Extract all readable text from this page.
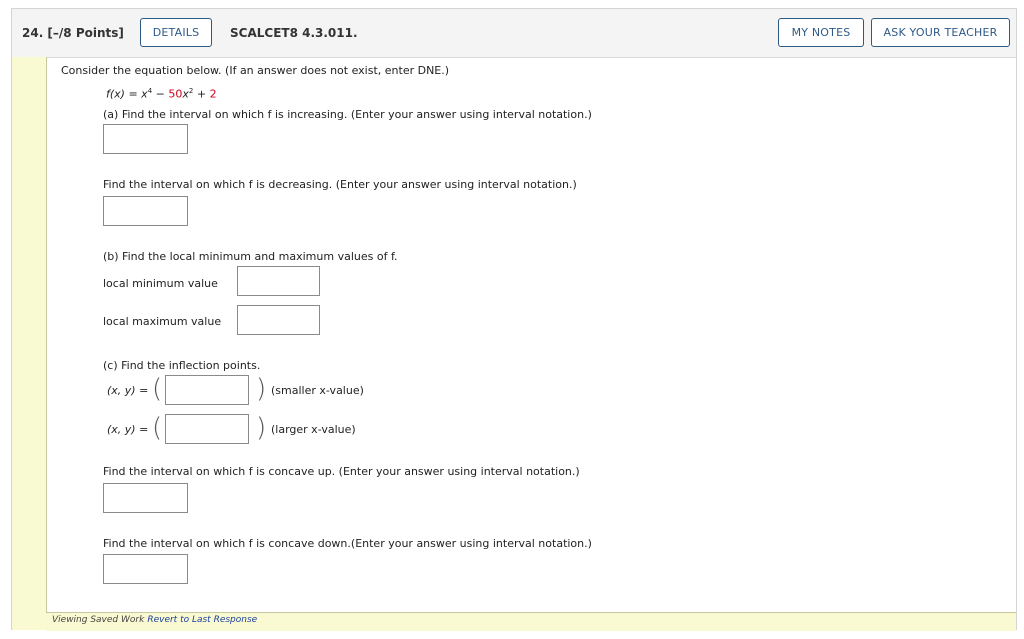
24. [–/8 Points]	DETAILS	SCALCET8 4.3.011.	MY NOTES	ASK YOUR TEACHER
Consider the equation below. (If an answer does not exist, enter DNE.)
$f(x) = x^4 - 50x^2 + 2$
(a) Find the interval on which f is increasing. (Enter your answer using interval notation.)
Find the interval on which f is decreasing. (Enter your answer using interval notation.)
(b) Find the local minimum and maximum values of f.
local minimum value
local maximum value
(c) Find the inflection points.
(x, y) = (	) (smaller x-value)
(x, y) = (	) (larger x-value)
Find the interval on which f is concave up. (Enter your answer using interval notation.)
Find the interval on which f is concave down.(Enter your answer using interval notation.)
Viewing Saved Work Revert to Last Response
